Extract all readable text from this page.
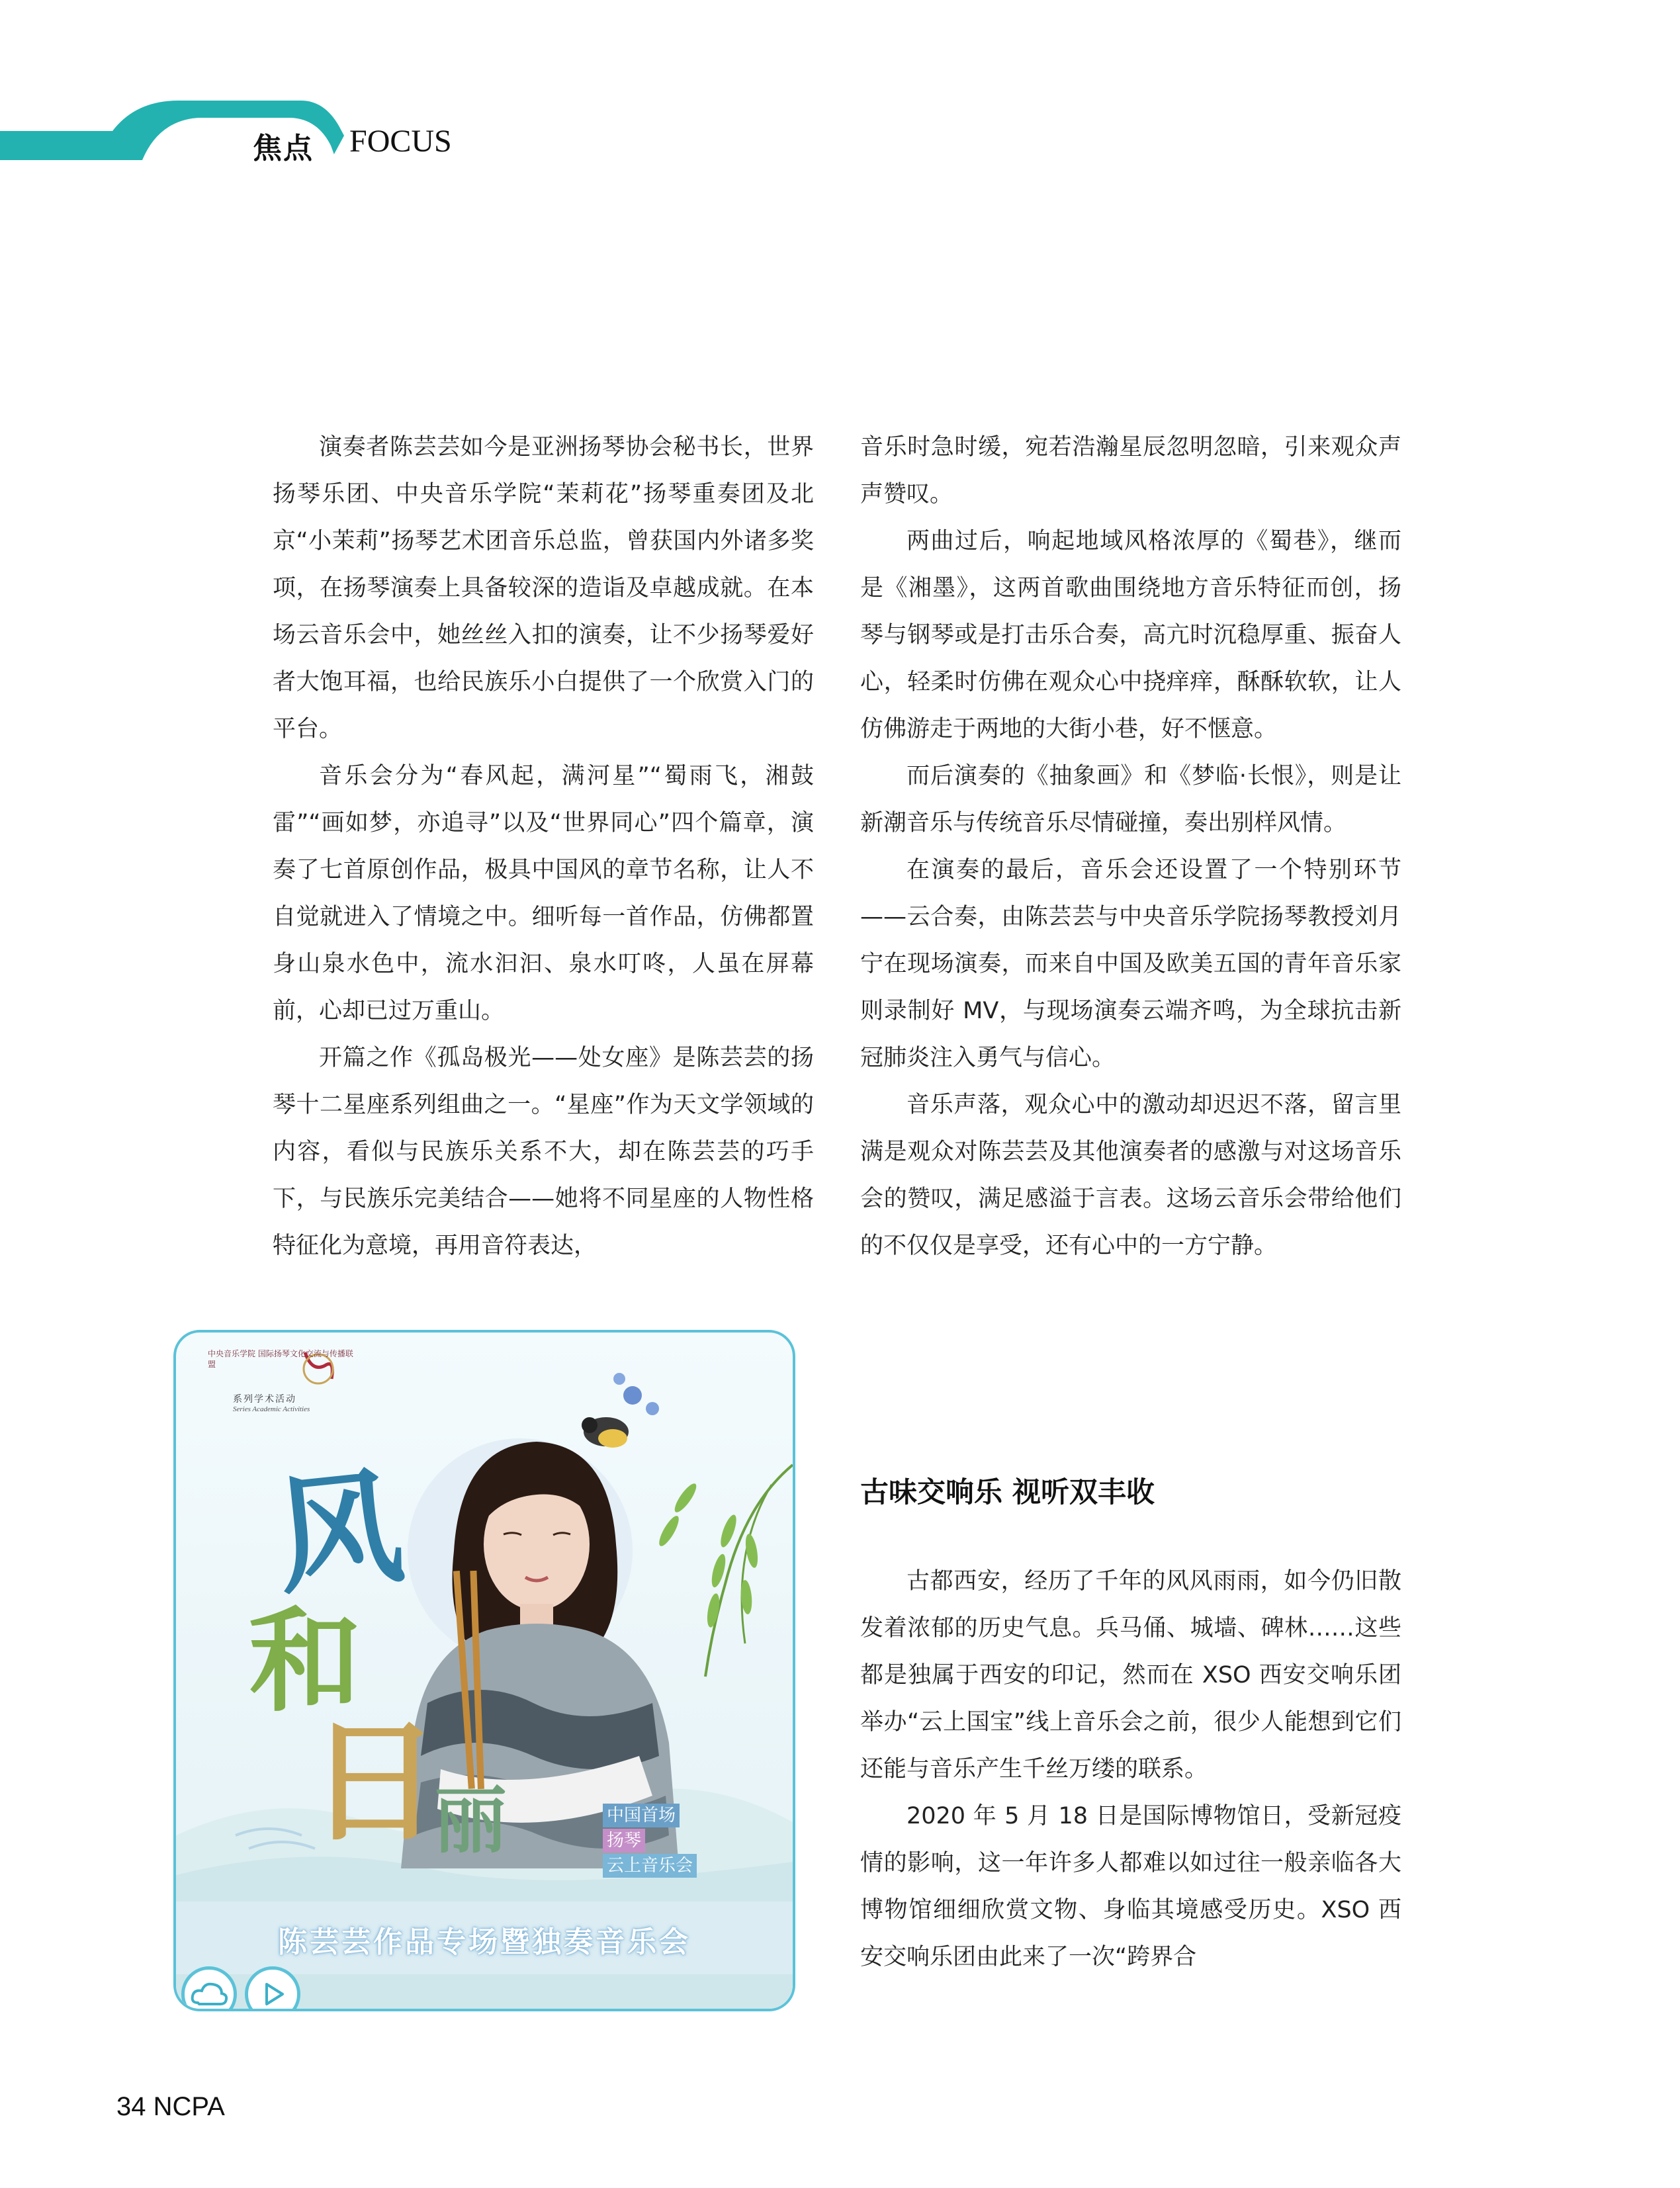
焦点 FOCUS

演奏者陈芸芸如今是亚洲扬琴协会秘书长，世界扬琴乐团、中央音乐学院“茉莉花”扬琴重奏团及北京“小茉莉”扬琴艺术团音乐总监，曾获国内外诸多奖项，在扬琴演奏上具备较深的造诣及卓越成就。在本场云音乐会中，她丝丝入扣的演奏，让不少扬琴爱好者大饱耳福，也给民族乐小白提供了一个欣赏入门的平台。

音乐会分为“春风起，满河星”“蜀雨飞，湘鼓雷”“画如梦，亦追寻”以及“世界同心”四个篇章，演奏了七首原创作品，极具中国风的章节名称，让人不自觉就进入了情境之中。细听每一首作品，仿佛都置身山泉水色中，流水汩汩、泉水叮咚，人虽在屏幕前，心却已过万重山。

开篇之作《孤岛极光——处女座》是陈芸芸的扬琴十二星座系列组曲之一。“星座”作为天文学领域的内容，看似与民族乐关系不大，却在陈芸芸的巧手下，与民族乐完美结合——她将不同星座的人物性格特征化为意境，再用音符表达，

音乐时急时缓，宛若浩瀚星辰忽明忽暗，引来观众声声赞叹。

两曲过后，响起地域风格浓厚的《蜀巷》，继而是《湘墨》，这两首歌曲围绕地方音乐特征而创，扬琴与钢琴或是打击乐合奏，高亢时沉稳厚重、振奋人心，轻柔时仿佛在观众心中挠痒痒，酥酥软软，让人仿佛游走于两地的大街小巷，好不惬意。

而后演奏的《抽象画》和《梦临·长恨》，则是让新潮音乐与传统音乐尽情碰撞，奏出别样风情。

在演奏的最后，音乐会还设置了一个特别环节——云合奏，由陈芸芸与中央音乐学院扬琴教授刘月宁在现场演奏，而来自中国及欧美五国的青年音乐家则录制好 MV，与现场演奏云端齐鸣，为全球抗击新冠肺炎注入勇气与信心。

音乐声落，观众心中的激动却迟迟不落，留言里满是观众对陈芸芸及其他演奏者的感激与对这场音乐会的赞叹，满足感溢于言表。这场云音乐会带给他们的不仅仅是享受，还有心中的一方宁静。

古味交响乐 视听双丰收

古都西安，经历了千年的风风雨雨，如今仍旧散发着浓郁的历史气息。兵马俑、城墙、碑林……这些都是独属于西安的印记，然而在 XSO 西安交响乐团举办“云上国宝”线上音乐会之前，很少人能想到它们还能与音乐产生千丝万缕的联系。

2020 年 5 月 18 日是国际博物馆日，受新冠疫情的影响，这一年许多人都难以如过往一般亲临各大博物馆细细欣赏文物、身临其境感受历史。XSO 西安交响乐团由此来了一次“跨界合

中央音乐学院 国际扬琴文化交流与传播联盟
系列学术活动
Series Academic Activities
风
和
日
丽	中国首场
扬琴
云上音乐会
陈芸芸作品专场暨独奏音乐会
34 NCPA
